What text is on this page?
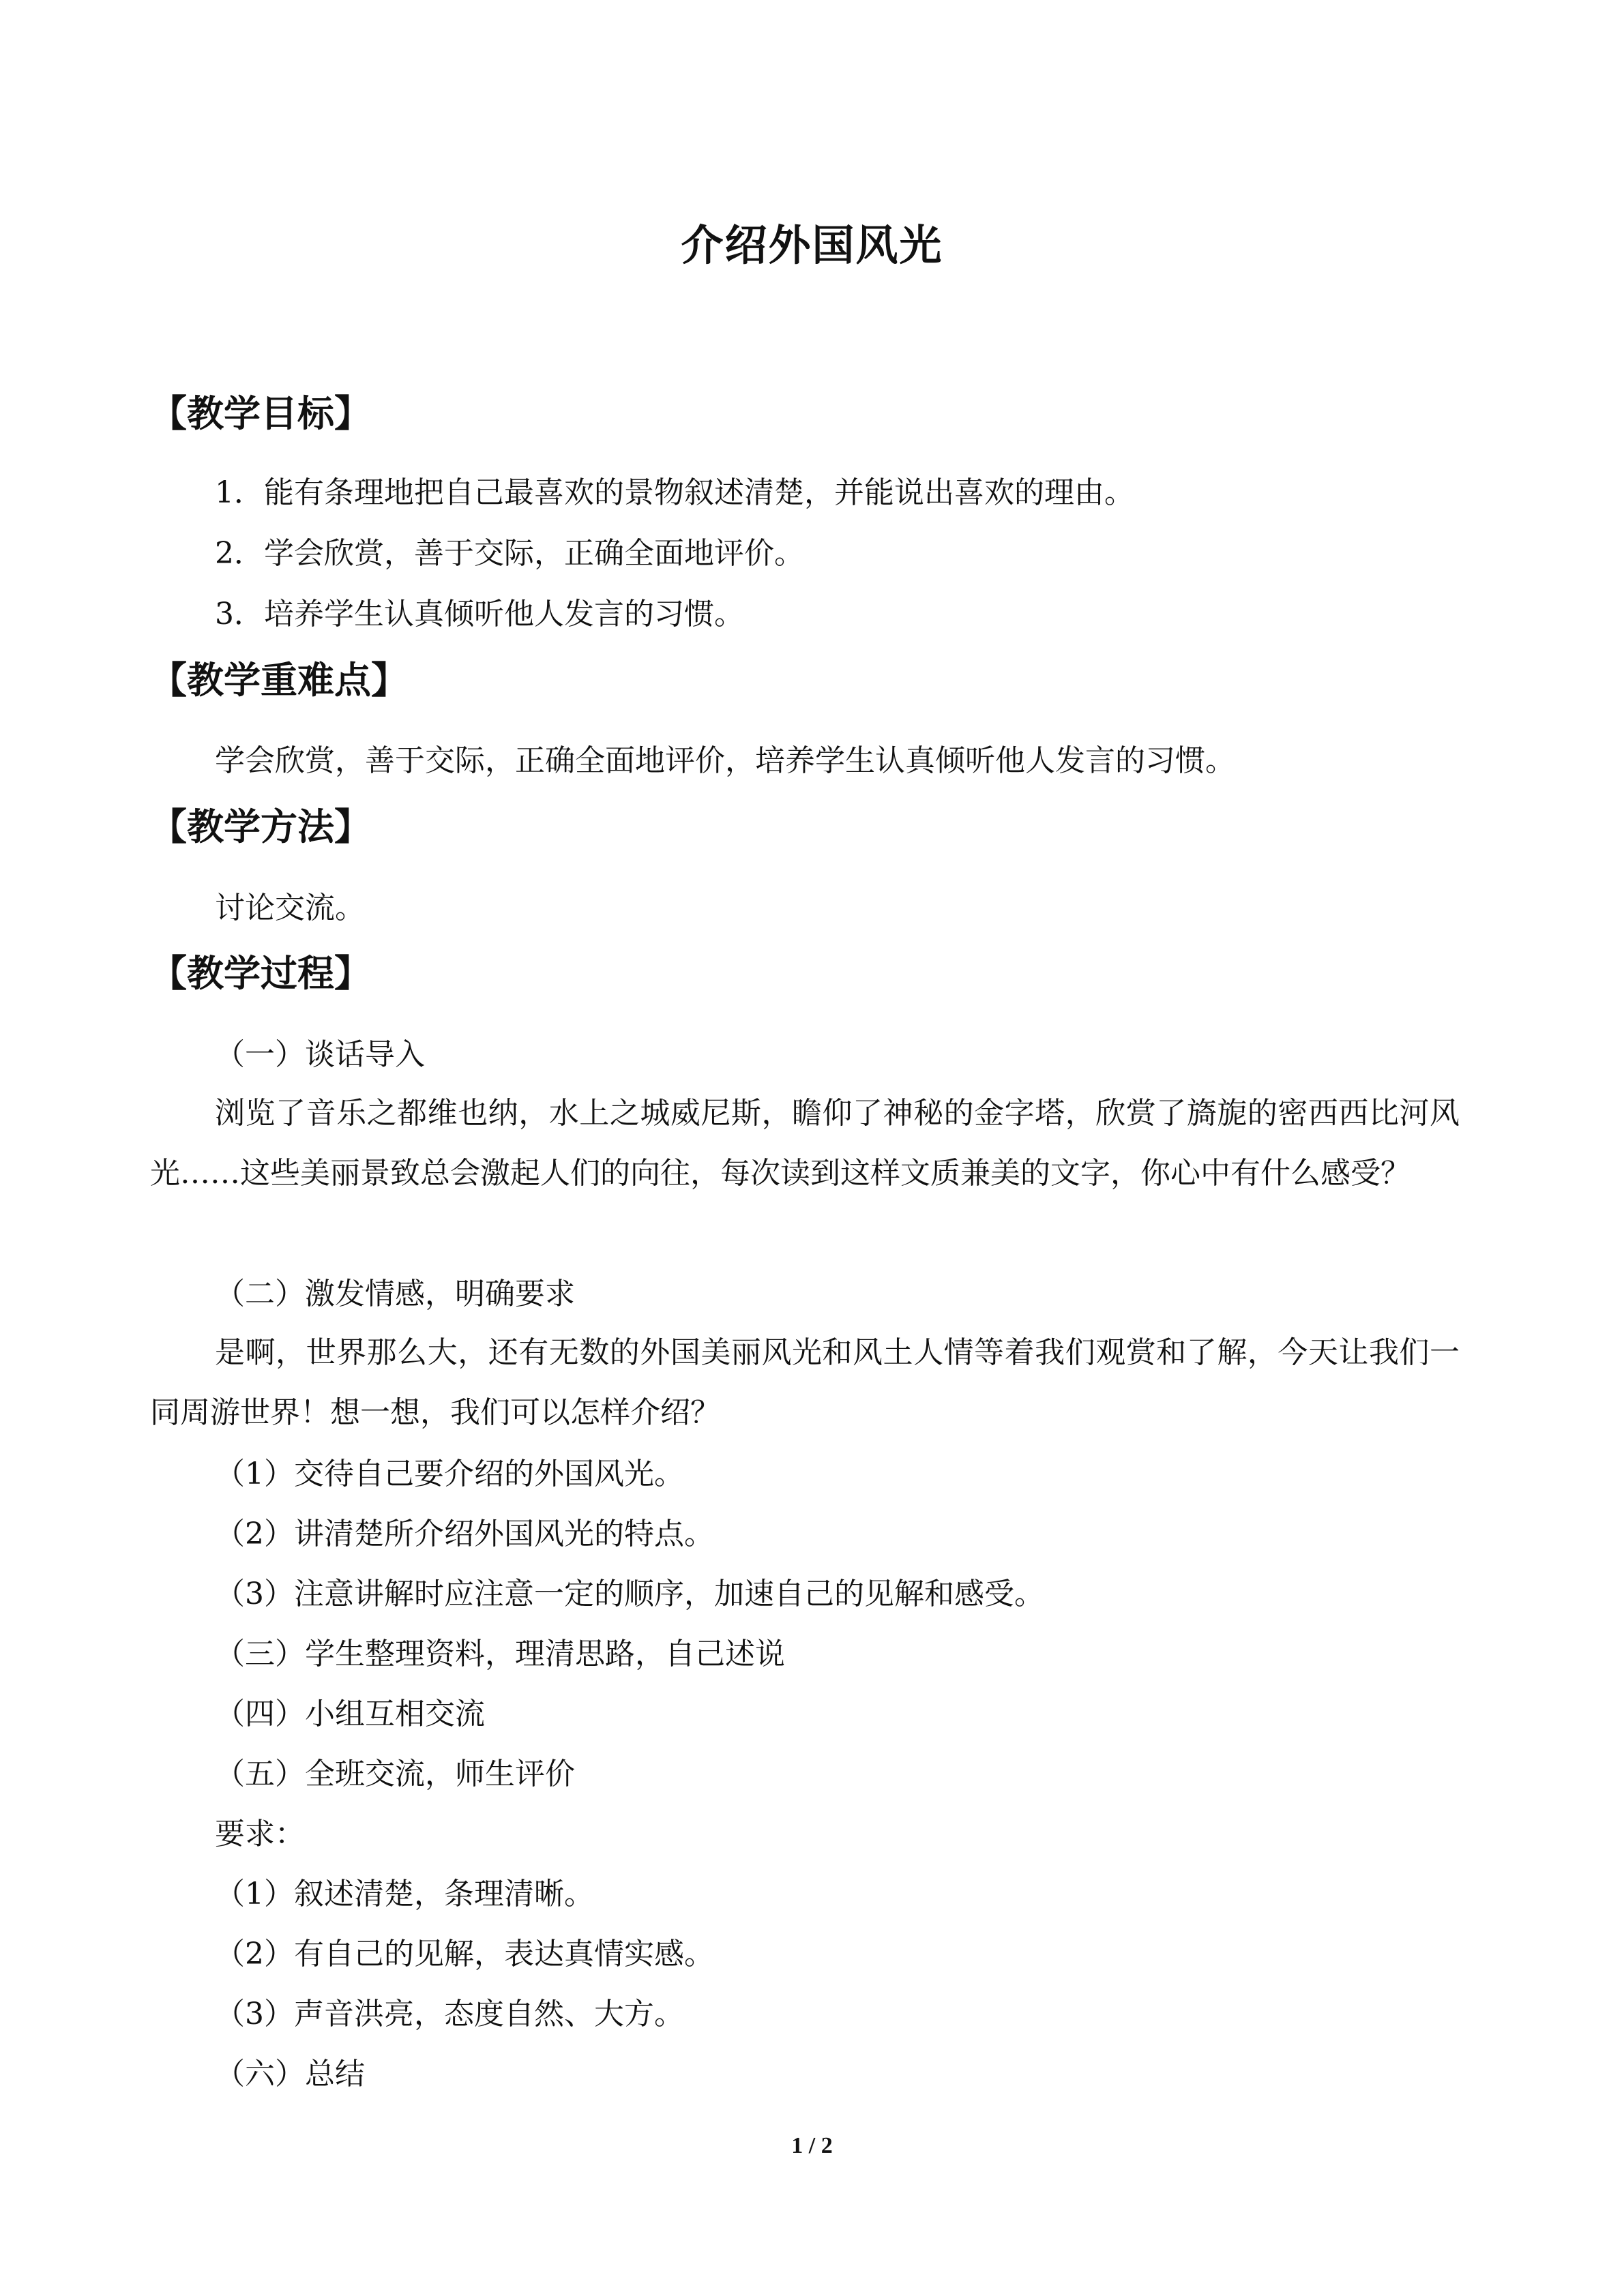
介绍外国风光
【教学目标】
1．能有条理地把自己最喜欢的景物叙述清楚，并能说出喜欢的理由。
2．学会欣赏，善于交际，正确全面地评价。
3．培养学生认真倾听他人发言的习惯。
【教学重难点】
学会欣赏，善于交际，正确全面地评价，培养学生认真倾听他人发言的习惯。
【教学方法】
讨论交流。
【教学过程】
（一）谈话导入
浏览了音乐之都维也纳，水上之城威尼斯，瞻仰了神秘的金字塔，欣赏了旖旎的密西西比河风光……这些美丽景致总会激起人们的向往，每次读到这样文质兼美的文字，你心中有什么感受？
（二）激发情感，明确要求
是啊，世界那么大，还有无数的外国美丽风光和风土人情等着我们观赏和了解，今天让我们一同周游世界！想一想，我们可以怎样介绍？
（1）交待自己要介绍的外国风光。
（2）讲清楚所介绍外国风光的特点。
（3）注意讲解时应注意一定的顺序，加速自己的见解和感受。
（三）学生整理资料，理清思路，自己述说
（四）小组互相交流
（五）全班交流，师生评价
要求：
（1）叙述清楚，条理清晰。
（2）有自己的见解，表达真情实感。
（3）声音洪亮，态度自然、大方。
（六）总结
1 / 2
